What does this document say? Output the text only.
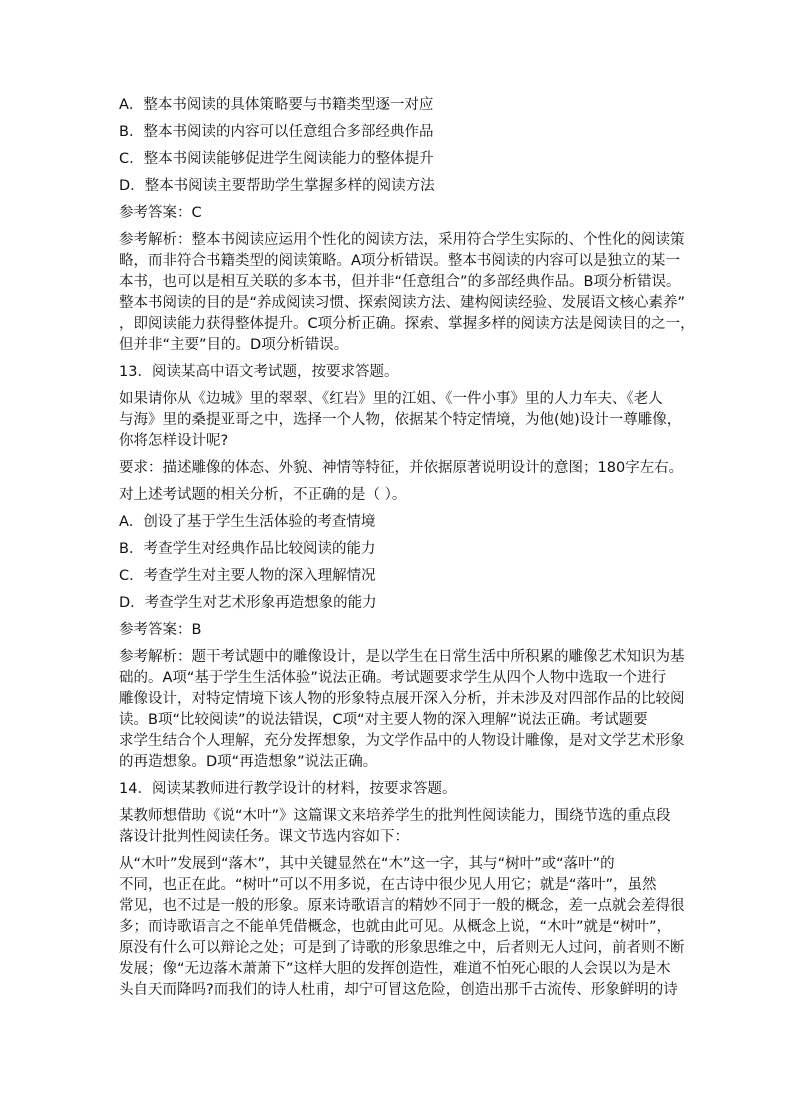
A．整本书阅读的具体策略要与书籍类型逐一对应
B．整本书阅读的内容可以任意组合多部经典作品
C．整本书阅读能够促进学生阅读能力的整体提升
D．整本书阅读主要帮助学生掌握多样的阅读方法
参考答案：C
参考解析：整本书阅读应运用个性化的阅读方法，采用符合学生实际的、个性化的阅读策
略，而非符合书籍类型的阅读策略。A项分析错误。整本书阅读的内容可以是独立的某一
本书，也可以是相互关联的多本书，但并非“任意组合”的多部经典作品。B项分析错误。
整本书阅读的目的是“养成阅读习惯、探索阅读方法、建构阅读经验、发展语文核心素养”
，即阅读能力获得整体提升。C项分析正确。探索、掌握多样的阅读方法是阅读目的之一，
但并非“主要”目的。D项分析错误。
13．阅读某高中语文考试题，按要求答题。
如果请你从《边城》里的翠翠、《红岩》里的江姐、《一件小事》里的人力车夫、《老人
与海》里的桑提亚哥之中，选择一个人物，依据某个特定情境，为他(她)设计一尊雕像，
你将怎样设计呢?
要求：描述雕像的体态、外貌、神情等特征，并依据原著说明设计的意图；180字左右。
对上述考试题的相关分析，不正确的是（ ）。
A．创设了基于学生生活体验的考查情境
B．考查学生对经典作品比较阅读的能力
C．考查学生对主要人物的深入理解情况
D．考查学生对艺术形象再造想象的能力
参考答案：B
参考解析：题干考试题中的雕像设计，是以学生在日常生活中所积累的雕像艺术知识为基
础的。A项“基于学生生活体验”说法正确。考试题要求学生从四个人物中选取一个进行
雕像设计，对特定情境下该人物的形象特点展开深入分析，并未涉及对四部作品的比较阅
读。B项“比较阅读”的说法错误，C项“对主要人物的深入理解”说法正确。考试题要
求学生结合个人理解，充分发挥想象，为文学作品中的人物设计雕像，是对文学艺术形象
的再造想象。D项“再造想象”说法正确。
14．阅读某教师进行教学设计的材料，按要求答题。
某教师想借助《说“木叶”》这篇课文来培养学生的批判性阅读能力，围绕节选的重点段
落设计批判性阅读任务。课文节选内容如下：
从“木叶”发展到“落木”，其中关键显然在“木”这一字，其与“树叶”或“落叶”的
不同，也正在此。“树叶”可以不用多说，在古诗中很少见人用它；就是“落叶”，虽然
常见，也不过是一般的形象。原来诗歌语言的精妙不同于一般的概念，差一点就会差得很
多；而诗歌语言之不能单凭借概念，也就由此可见。从概念上说，“木叶”就是“树叶”，
原没有什么可以辩论之处；可是到了诗歌的形象思维之中，后者则无人过问，前者则不断
发展；像“无边落木萧萧下”这样大胆的发挥创造性，难道不怕死心眼的人会误以为是木
头自天而降吗?而我们的诗人杜甫，却宁可冒这危险，创造出那千古流传、形象鲜明的诗
